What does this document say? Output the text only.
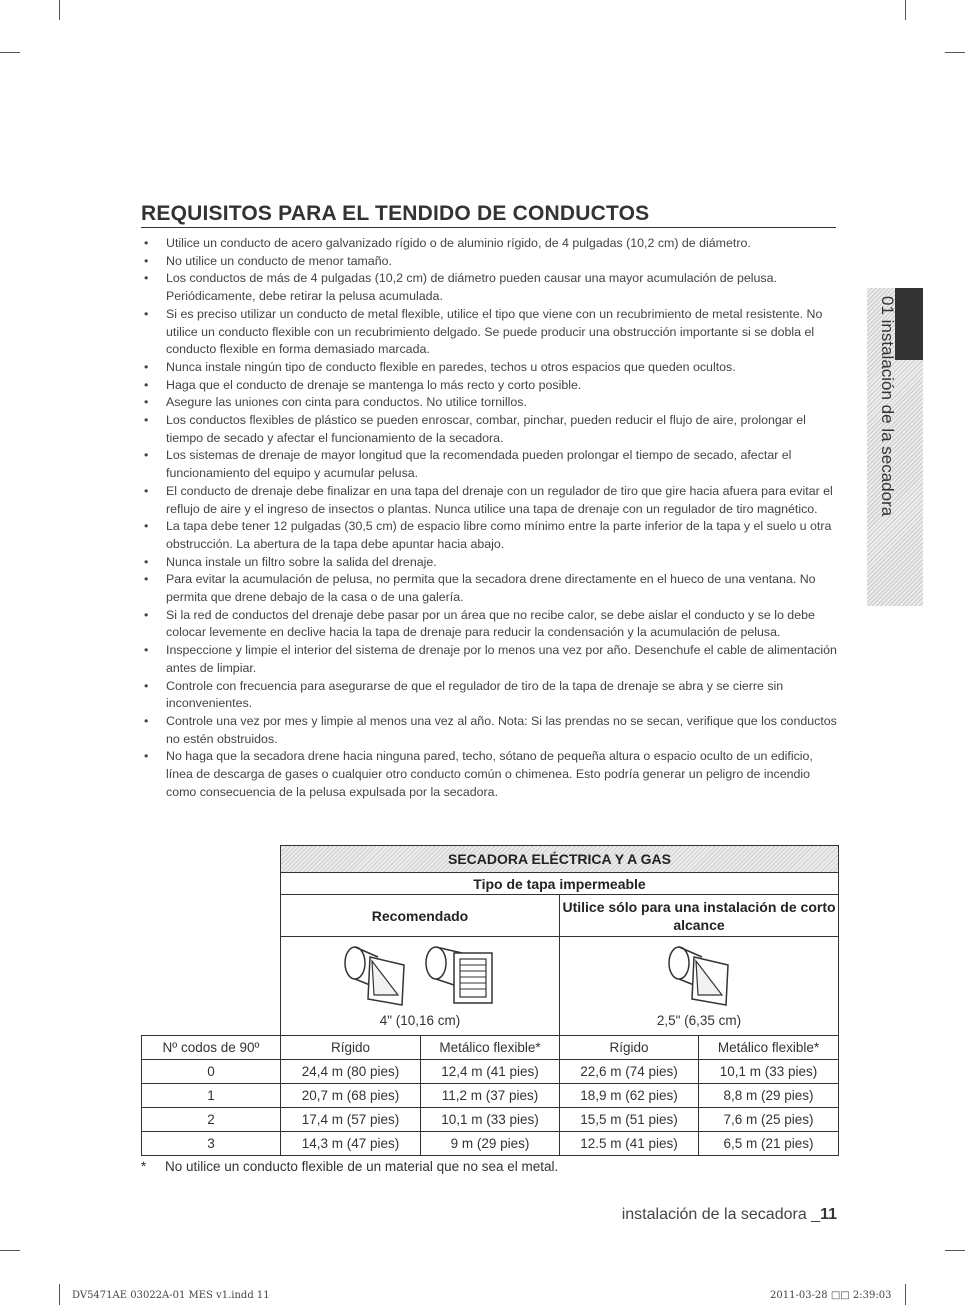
REQUISITOS PARA EL TENDIDO DE CONDUCTOS
• Utilice un conducto de acero galvanizado rígido o de aluminio rígido, de 4 pulgadas (10,2 cm) de diámetro.
• No utilice un conducto de menor tamaño.
• Los conductos de más de 4 pulgadas (10,2 cm) de diámetro pueden causar una mayor acumulación de pelusa. Periódicamente, debe retirar la pelusa acumulada.
• Si es preciso utilizar un conducto de metal flexible, utilice el tipo que viene con un recubrimiento de metal resistente. No utilice un conducto flexible con un recubrimiento delgado. Se puede producir una obstrucción importante si se dobla el conducto flexible en forma demasiado marcada.
• Nunca instale ningún tipo de conducto flexible en paredes, techos u otros espacios que queden ocultos.
• Haga que el conducto de drenaje se mantenga lo más recto y corto posible.
• Asegure las uniones con cinta para conductos. No utilice tornillos.
• Los conductos flexibles de plástico se pueden enroscar, combar, pinchar, pueden reducir el flujo de aire, prolongar el tiempo de secado y afectar el funcionamiento de la secadora.
• Los sistemas de drenaje de mayor longitud que la recomendada pueden prolongar el tiempo de secado, afectar el funcionamiento del equipo y acumular pelusa.
• El conducto de drenaje debe finalizar en una tapa del drenaje con un regulador de tiro que gire hacia afuera para evitar el reflujo de aire y el ingreso de insectos o plantas. Nunca utilice una tapa de drenaje con un regulador de tiro magnético.
• La tapa debe tener 12 pulgadas (30,5 cm) de espacio libre como mínimo entre la parte inferior de la tapa y el suelo u otra obstrucción. La abertura de la tapa debe apuntar hacia abajo.
• Nunca instale un filtro sobre la salida del drenaje.
• Para evitar la acumulación de pelusa, no permita que la secadora drene directamente en el hueco de una ventana. No permita que drene debajo de la casa o de una galería.
• Si la red de conductos del drenaje debe pasar por un área que no recibe calor, se debe aislar el conducto y se lo debe colocar levemente en declive hacia la tapa de drenaje para reducir la condensación y la acumulación de pelusa.
• Inspeccione y limpie el interior del sistema de drenaje por lo menos una vez por año. Desenchufe el cable de alimentación antes de limpiar.
• Controle con frecuencia para asegurarse de que el regulador de tiro de la tapa de drenaje se abra y se cierre sin inconvenientes.
• Controle una vez por mes y limpie al menos una vez al año. Nota: Si las prendas no se secan, verifique que los conductos no estén obstruidos.
• No haga que la secadora drene hacia ninguna pared, techo, sótano de pequeña altura o espacio oculto de un edificio, línea de descarga de gases o cualquier otro conducto común o chimenea. Esto podría generar un peligro de incendio como consecuencia de la pelusa expulsada por la secadora.
01 instalación de la secadora
	SECADORA ELÉCTRICA Y A GAS			
	Tipo de tapa impermeable			
	Recomendado		Utilice sólo para una instalación de corto alcance	

	4" (10,16 cm)		2,5" (6,35 cm)	

Nº codos de 90º	Rígido	Metálico flexible*	Rígido	Metálico flexible*
0	24,4 m (80 pies)	12,4 m (41 pies)	22,6 m (74 pies)	10,1 m (33 pies)
1	20,7 m (68 pies)	11,2 m (37 pies)	18,9 m (62 pies)	8,8 m (29 pies)
2	17,4 m (57 pies)	10,1 m (33 pies)	15,5 m (51 pies)	7,6 m (25 pies)
3	14,3 m (47 pies)	9 m (29 pies)	12.5 m (41 pies)	6,5 m (21 pies)
* No utilice un conducto flexible de un material que no sea el metal.
instalación de la secadora _11
DV5471AE 03022A-01 MES v1.indd 11	2011-03-28 □□ 2:39:03
